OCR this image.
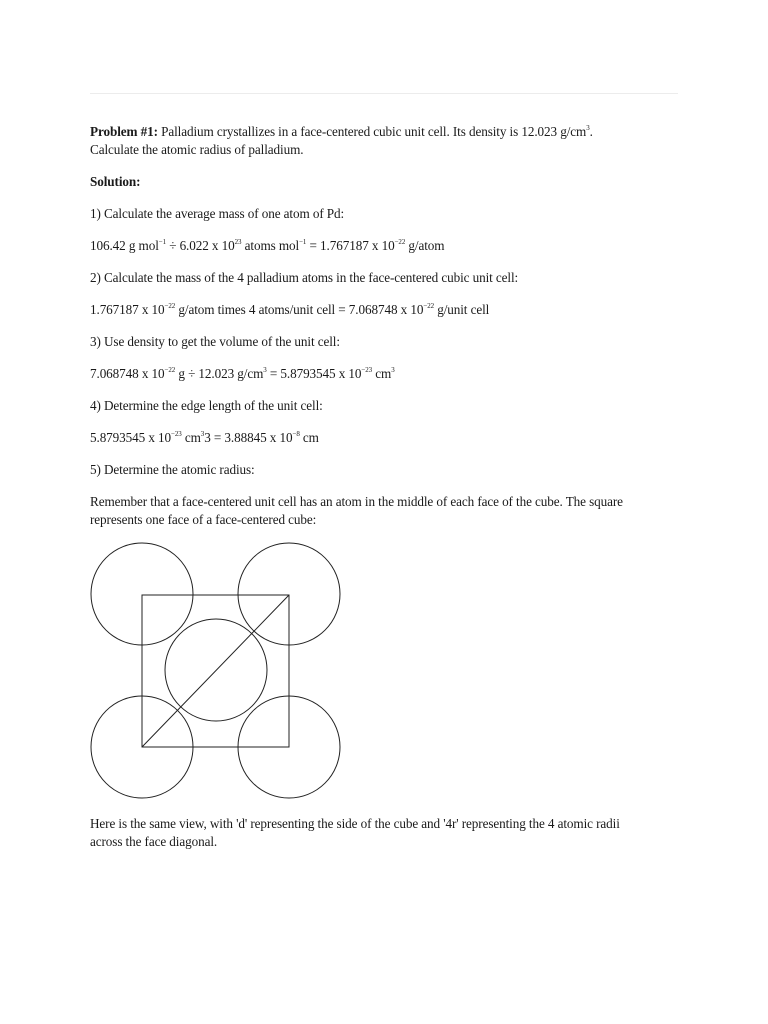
Problem #1: Palladium crystallizes in a face-centered cubic unit cell. Its density is 12.023 $g/cm^3$.
Calculate the atomic radius of palladium.

Solution:

1) Calculate the average mass of one atom of Pd:

106.42 g mol$^{-1}$ ÷ 6.022 x $10^{23}$ atoms mol$^{-1}$ = 1.767187 x $10^{-22}$ g/atom

2) Calculate the mass of the 4 palladium atoms in the face-centered cubic unit cell:

1.767187 x $10^{-22}$ g/atom times 4 atoms/unit cell = 7.068748 x $10^{-22}$ g/unit cell

3) Use density to get the volume of the unit cell:

7.068748 x $10^{-22}$ g ÷ 12.023 $g/cm^3 = 5.8793545$ x $10^{-23}$ $cm^3$

4) Determine the edge length of the unit cell:

5.8793545 x $10^{-23}$ $cm^33 = 3.88845$ x $10^{-8}$ cm

5) Determine the atomic radius:

Remember that a face-centered unit cell has an atom in the middle of each face of the cube. The square
represents one face of a face-centered cube:

Here is the same view, with 'd' representing the side of the cube and '4r' representing the 4 atomic radii
across the face diagonal.
